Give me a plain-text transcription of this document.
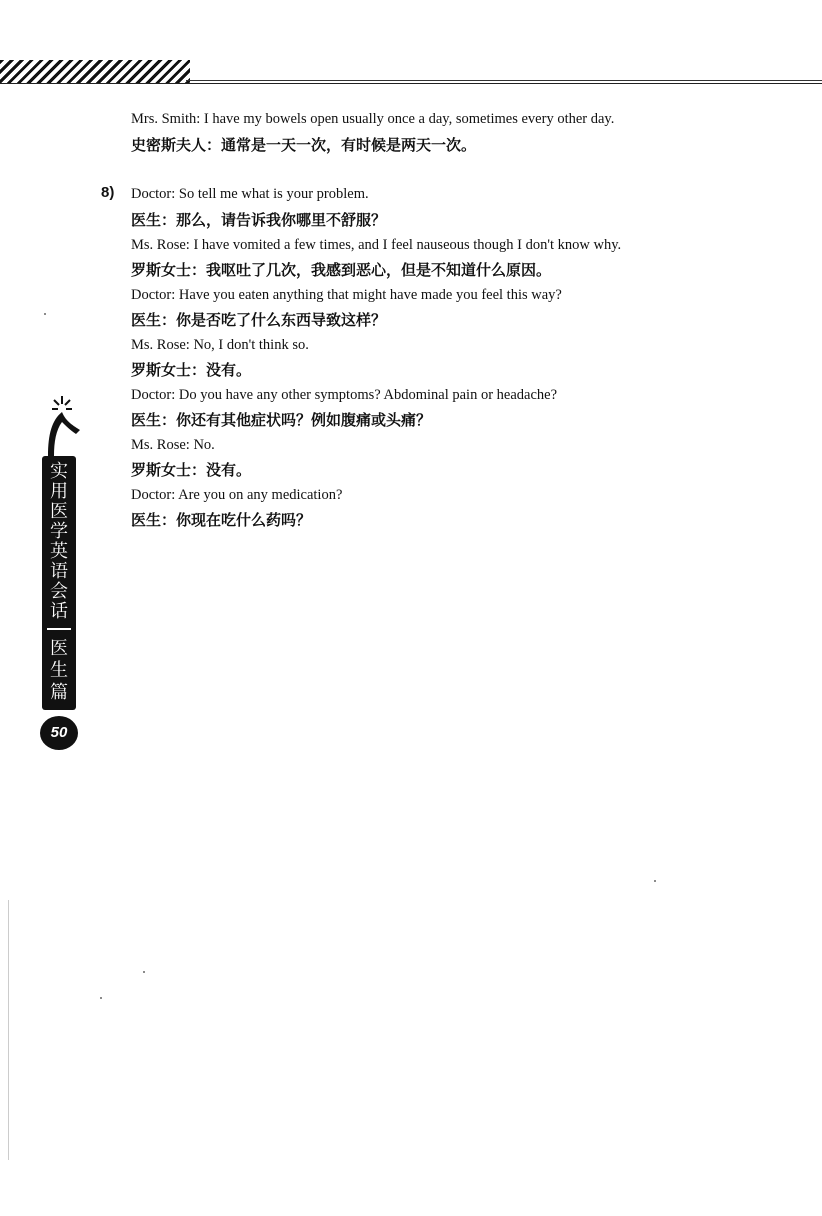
Mrs. Smith: I have my bowels open usually once a day, sometimes every other day.
史密斯夫人：通常是一天一次，有时候是两天一次。
8) Doctor: So tell me what is your problem.
医生：那么，请告诉我你哪里不舒服？
Ms. Rose: I have vomited a few times, and I feel nauseous though I don't know why.
罗斯女士：我呕吐了几次，我感到恶心，但是不知道什么原因。
Doctor: Have you eaten anything that might have made you feel this way?
医生：你是否吃了什么东西导致这样？
Ms. Rose: No, I don't think so.
罗斯女士：没有。
Doctor: Do you have any other symptoms? Abdominal pain or headache?
医生：你还有其他症状吗？例如腹痛或头痛？
Ms. Rose: No.
罗斯女士：没有。
Doctor: Are you on any medication?
医生：你现在吃什么药吗？
实用医学英语会话
医生篇
50
